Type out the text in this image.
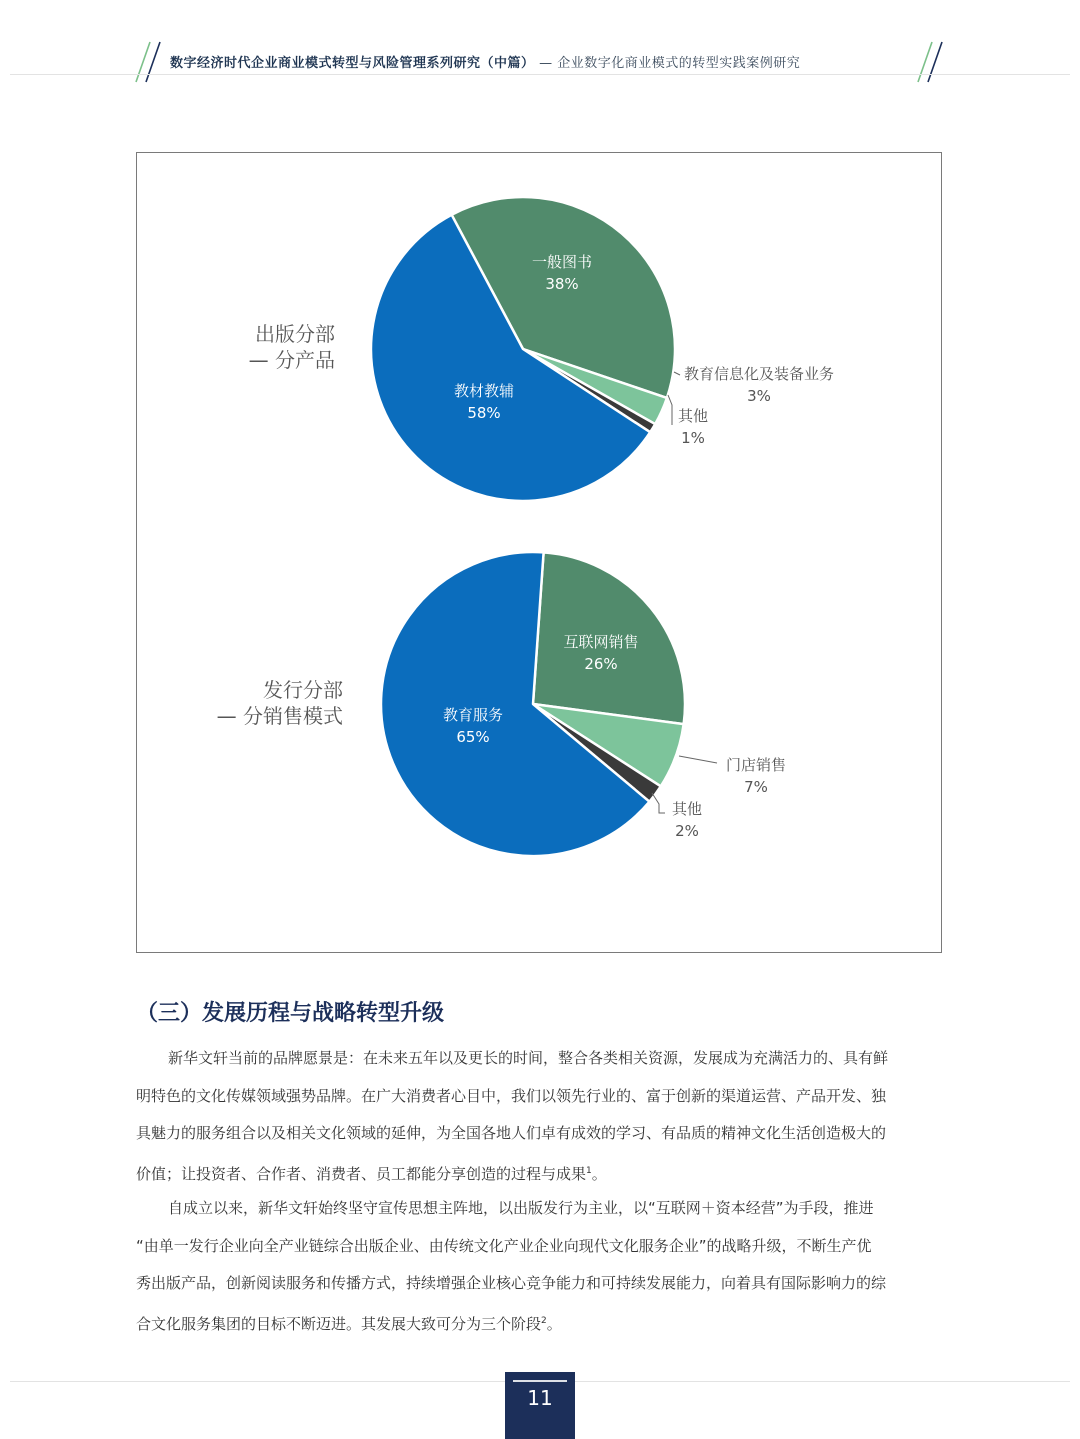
数字经济时代企业商业模式转型与风险管理系列研究（中篇） — 企业数字化商业模式的转型实践案例研究
一般图书
38%
教材教辅
58%
教育信息化及装备业务
3%
其他
1%
互联网销售
26%
教育服务
65%
门店销售
7%
其他
2%
出版分部
— 分产品
发行分部
— 分销售模式
（三）发展历程与战略转型升级
新华文轩当前的品牌愿景是：在未来五年以及更长的时间，整合各类相关资源，发展成为充满活力的、具有鲜
明特色的文化传媒领域强势品牌。在广大消费者心目中，我们以领先行业的、富于创新的渠道运营、产品开发、独
具魅力的服务组合以及相关文化领域的延伸，为全国各地人们卓有成效的学习、有品质的精神文化生活创造极大的
价值；让投资者、合作者、消费者、员工都能分享创造的过程与成果$^1$。
自成立以来，新华文轩始终坚守宣传思想主阵地，以出版发行为主业，以“互联网＋资本经营”为手段，推进
“由单一发行企业向全产业链综合出版企业、由传统文化产业企业向现代文化服务企业”的战略升级，不断生产优
秀出版产品，创新阅读服务和传播方式，持续增强企业核心竞争能力和可持续发展能力，向着具有国际影响力的综
合文化服务集团的目标不断迈进。其发展大致可分为三个阶段$^2$。
11
